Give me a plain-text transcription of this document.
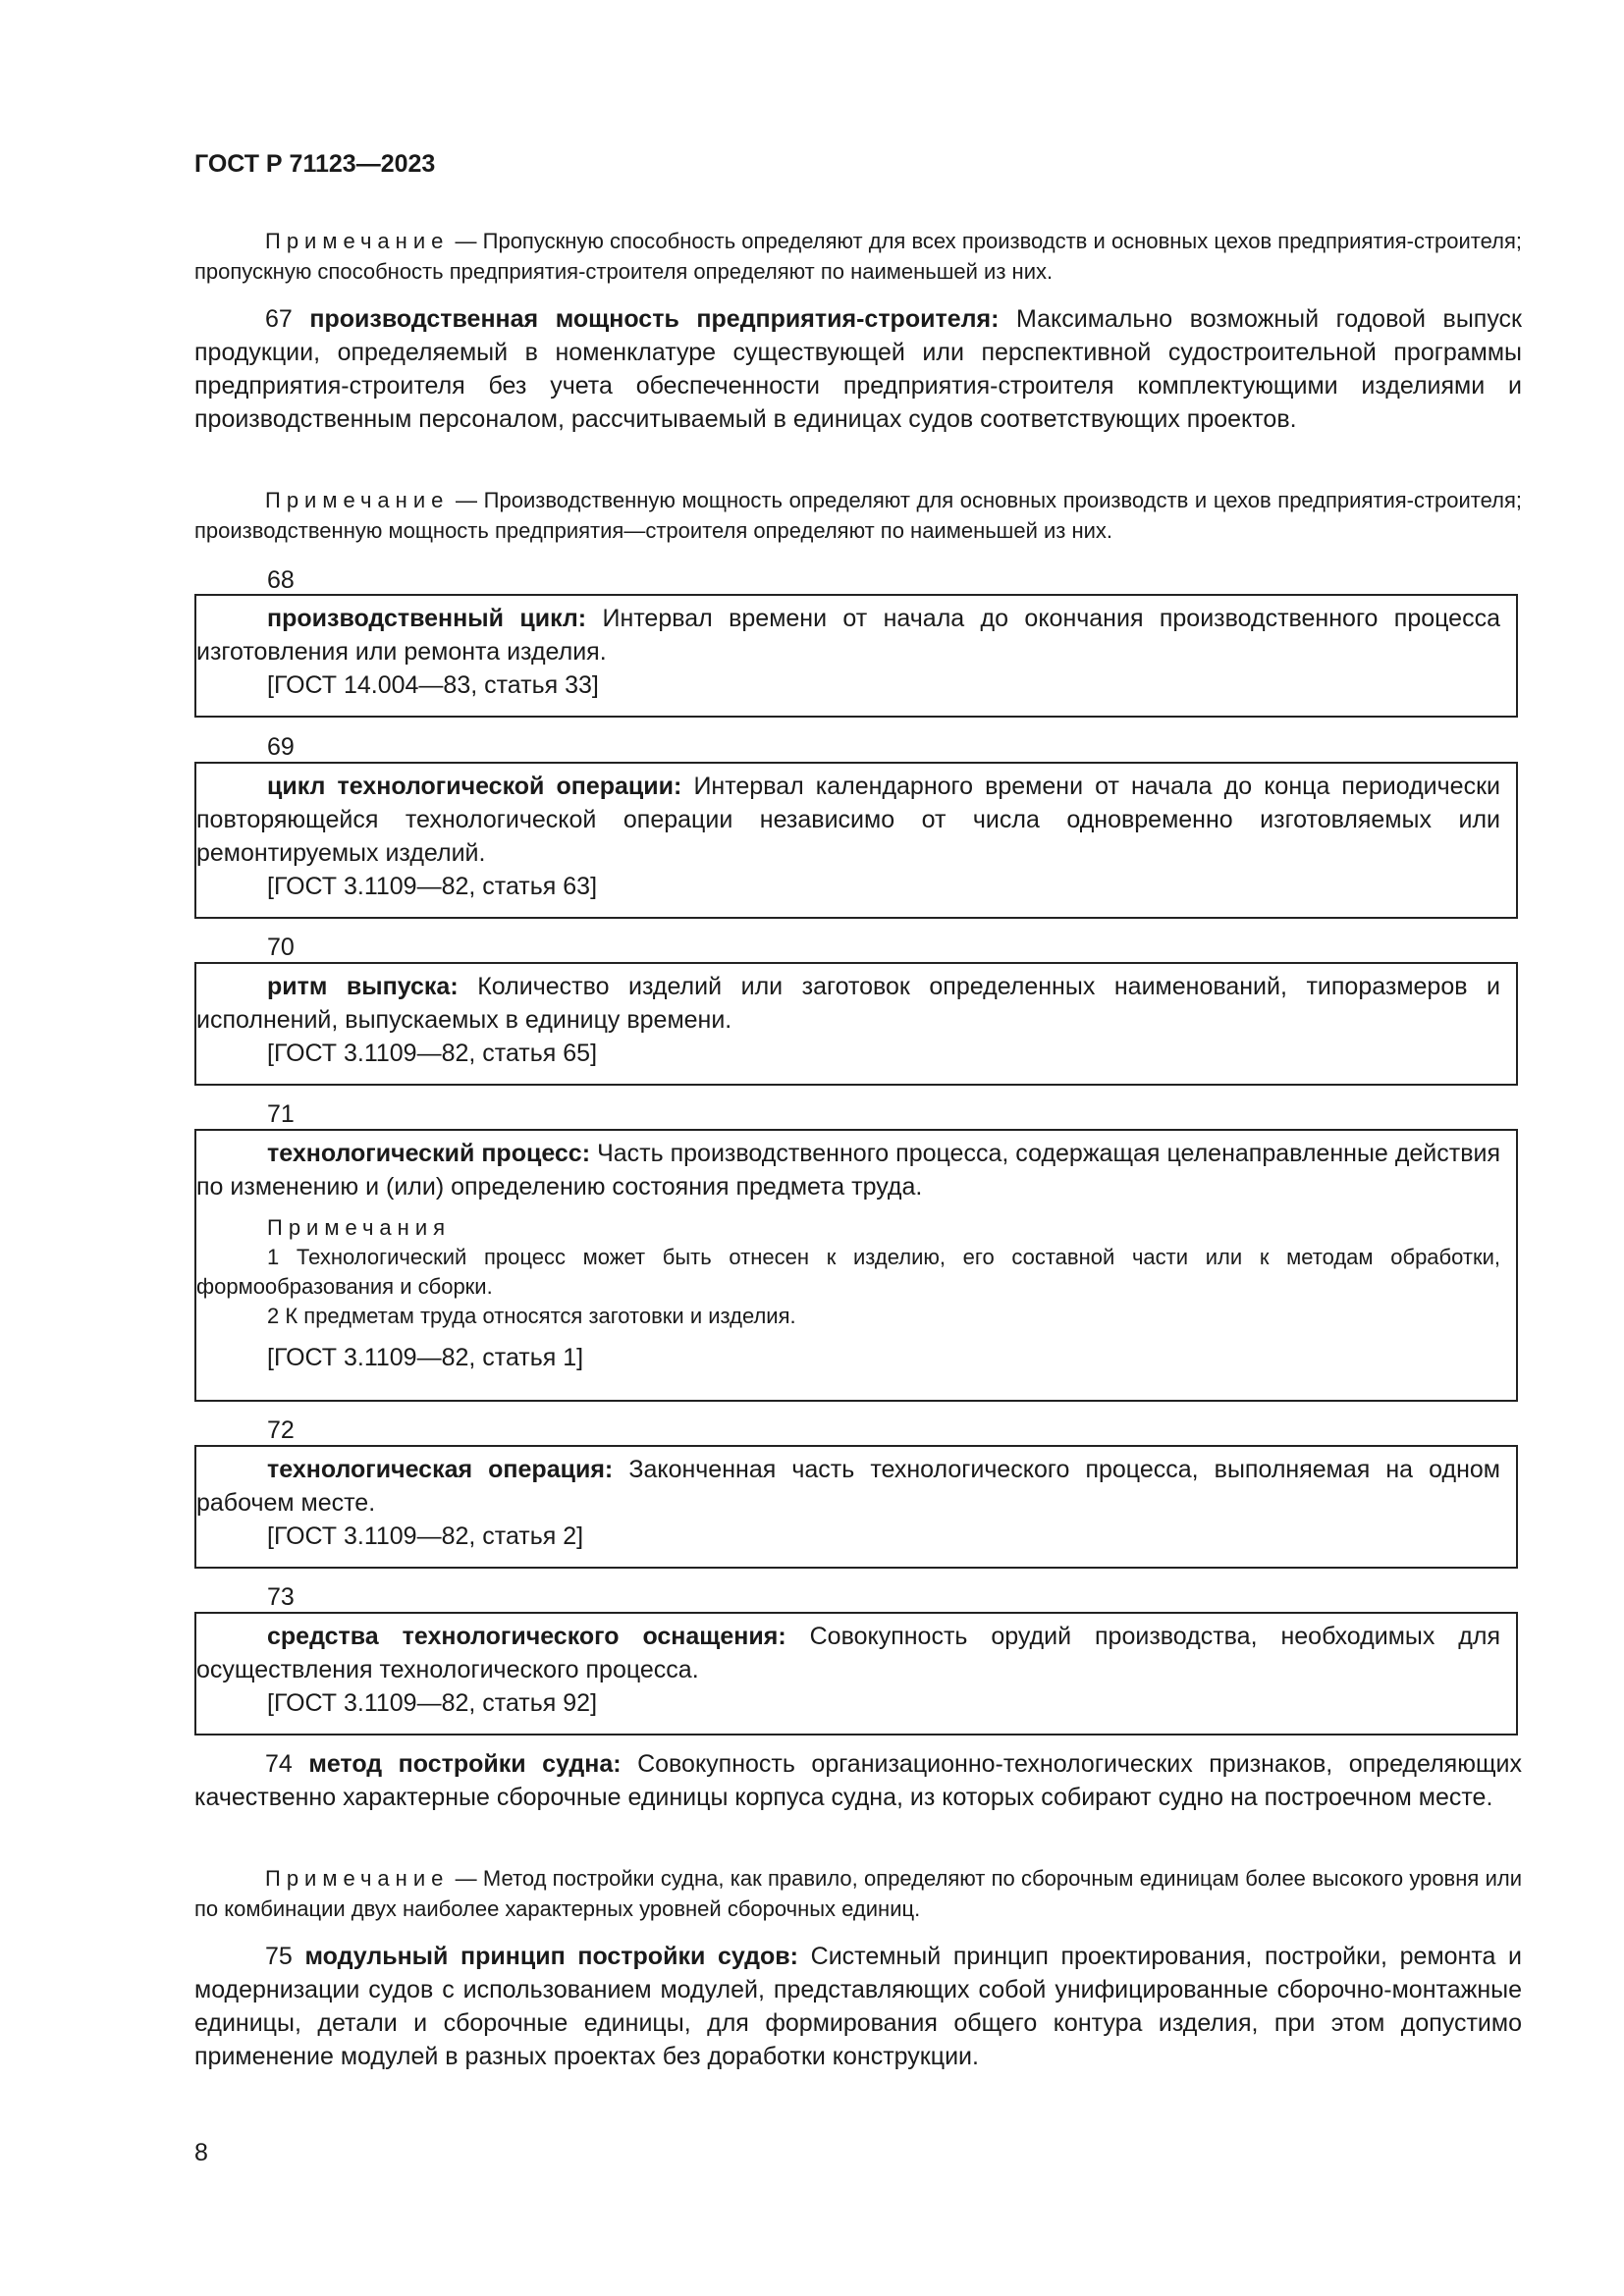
ГОСТ Р 71123—2023
Примечание — Пропускную способность определяют для всех производств и основных цехов предприятия-строителя; пропускную способность предприятия-строителя определяют по наименьшей из них.
67 производственная мощность предприятия-строителя: Максимально возможный годовой выпуск продукции, определяемый в номенклатуре существующей или перспективной судостроительной программы предприятия-строителя без учета обеспеченности предприятия-строителя комплектующими изделиями и производственным персоналом, рассчитываемый в единицах судов соответствующих проектов.
Примечание — Производственную мощность определяют для основных производств и цехов предприятия-строителя; производственную мощность предприятия—строителя определяют по наименьшей из них.
68
производственный цикл: Интервал времени от начала до окончания производственного процесса изготовления или ремонта изделия.
[ГОСТ 14.004—83, статья 33]
69
цикл технологической операции: Интервал календарного времени от начала до конца периодически повторяющейся технологической операции независимо от числа одновременно изготовляемых или ремонтируемых изделий.
[ГОСТ 3.1109—82, статья 63]
70
ритм выпуска: Количество изделий или заготовок определенных наименований, типоразмеров и исполнений, выпускаемых в единицу времени.
[ГОСТ 3.1109—82, статья 65]
71
технологический процесс: Часть производственного процесса, содержащая целенаправленные действия по изменению и (или) определению состояния предмета труда.
Примечания
1 Технологический процесс может быть отнесен к изделию, его составной части или к методам обработки, формообразования и сборки.
2 К предметам труда относятся заготовки и изделия.
[ГОСТ 3.1109—82, статья 1]
72
технологическая операция: Законченная часть технологического процесса, выполняемая на одном рабочем месте.
[ГОСТ 3.1109—82, статья 2]
73
средства технологического оснащения: Совокупность орудий производства, необходимых для осуществления технологического процесса.
[ГОСТ 3.1109—82, статья 92]
74 метод постройки судна: Совокупность организационно-технологических признаков, определяющих качественно характерные сборочные единицы корпуса судна, из которых собирают судно на построечном месте.
Примечание — Метод постройки судна, как правило, определяют по сборочным единицам более высокого уровня или по комбинации двух наиболее характерных уровней сборочных единиц.
75 модульный принцип постройки судов: Системный принцип проектирования, постройки, ремонта и модернизации судов с использованием модулей, представляющих собой унифицированные сборочно-монтажные единицы, детали и сборочные единицы, для формирования общего контура изделия, при этом допустимо применение модулей в разных проектах без доработки конструкции.
8
